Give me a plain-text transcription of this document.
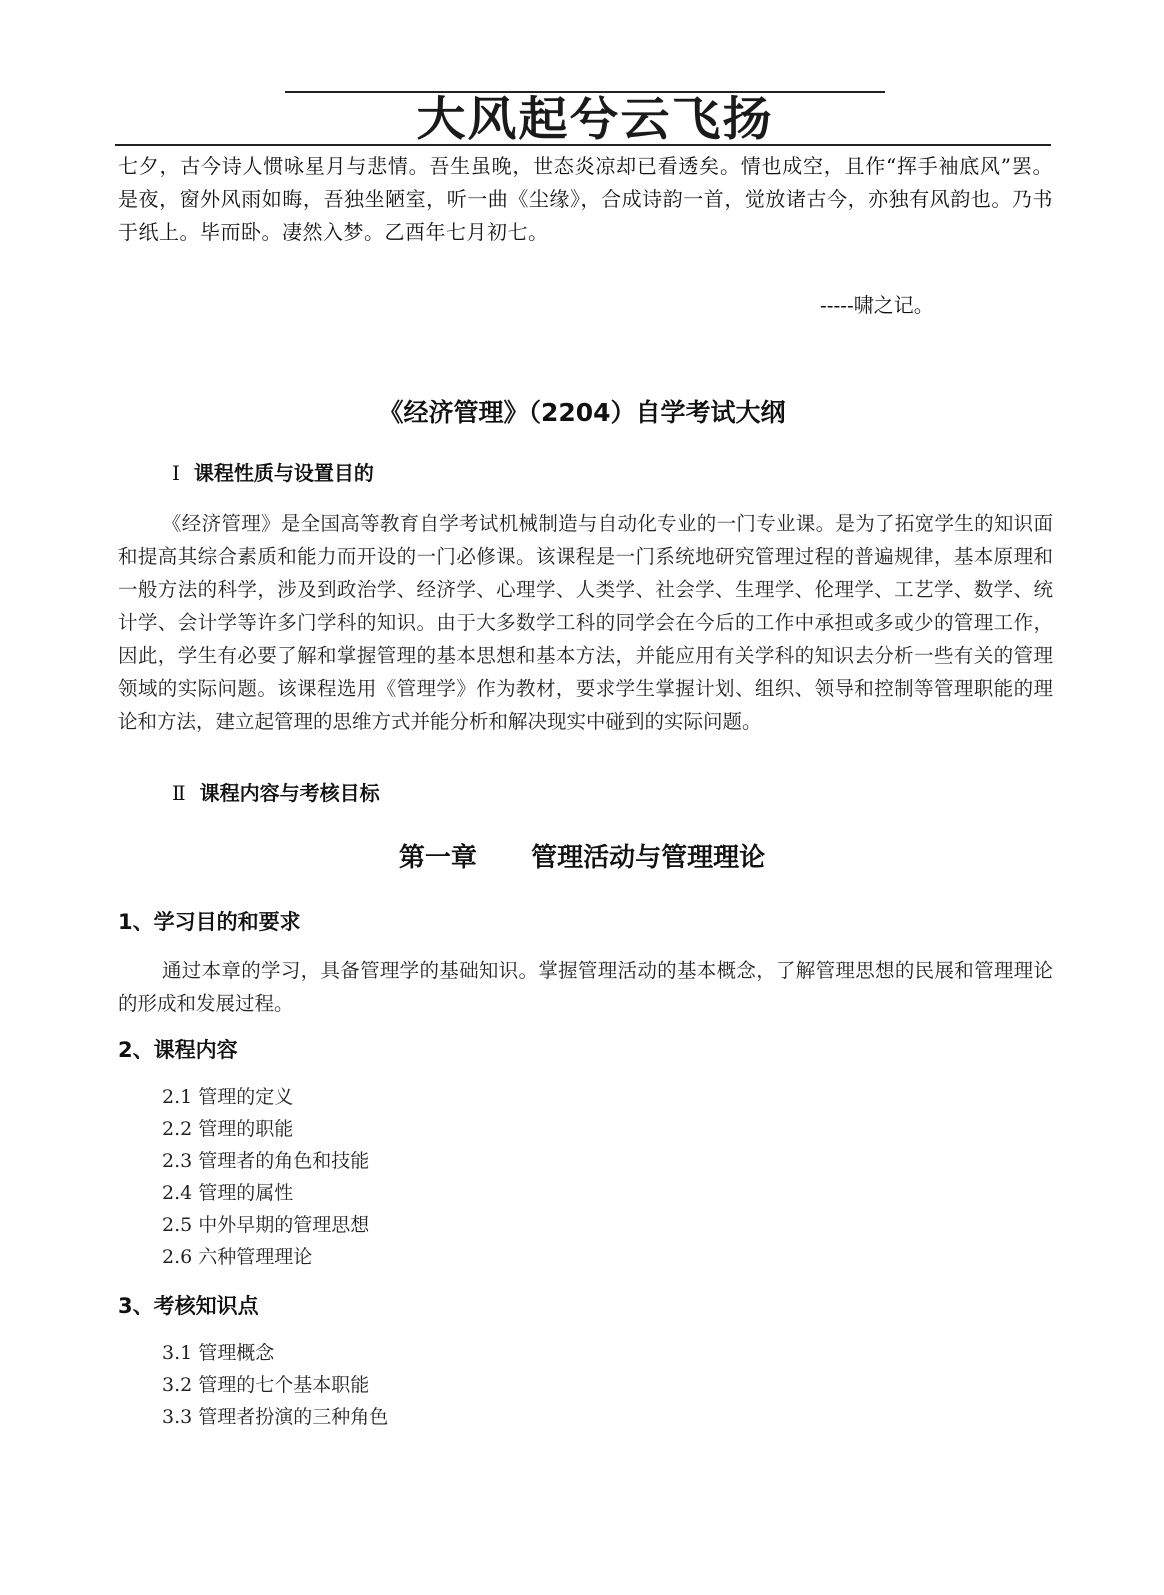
大风起兮云飞扬
七夕，古今诗人惯咏星月与悲情。吾生虽晚，世态炎凉却已看透矣。情也成空，且作“挥手袖底风”罢。是夜，窗外风雨如晦，吾独坐陋室，听一曲《尘缘》，合成诗韵一首，觉放诸古今，亦独有风韵也。乃书于纸上。毕而卧。凄然入梦。乙酉年七月初七。
-----啸之记。
《经济管理》（2204）自学考试大纲
Ⅰ 课程性质与设置目的
《经济管理》是全国高等教育自学考试机械制造与自动化专业的一门专业课。是为了拓宽学生的知识面和提高其综合素质和能力而开设的一门必修课。该课程是一门系统地研究管理过程的普遍规律，基本原理和一般方法的科学，涉及到政治学、经济学、心理学、人类学、社会学、生理学、伦理学、工艺学、数学、统计学、会计学等许多门学科的知识。由于大多数学工科的同学会在今后的工作中承担或多或少的管理工作，因此，学生有必要了解和掌握管理的基本思想和基本方法，并能应用有关学科的知识去分析一些有关的管理领域的实际问题。该课程选用《管理学》作为教材，要求学生掌握计划、组织、领导和控制等管理职能的理论和方法，建立起管理的思维方式并能分析和解决现实中碰到的实际问题。
Ⅱ 课程内容与考核目标
第一章      管理活动与管理理论
1、学习目的和要求
通过本章的学习，具备管理学的基础知识。掌握管理活动的基本概念，了解管理思想的民展和管理理论的形成和发展过程。
2、课程内容
2.1 管理的定义
2.2 管理的职能
2.3 管理者的角色和技能
2.4 管理的属性
2.5 中外早期的管理思想
2.6 六种管理理论
3、考核知识点
3.1 管理概念
3.2 管理的七个基本职能
3.3 管理者扮演的三种角色
